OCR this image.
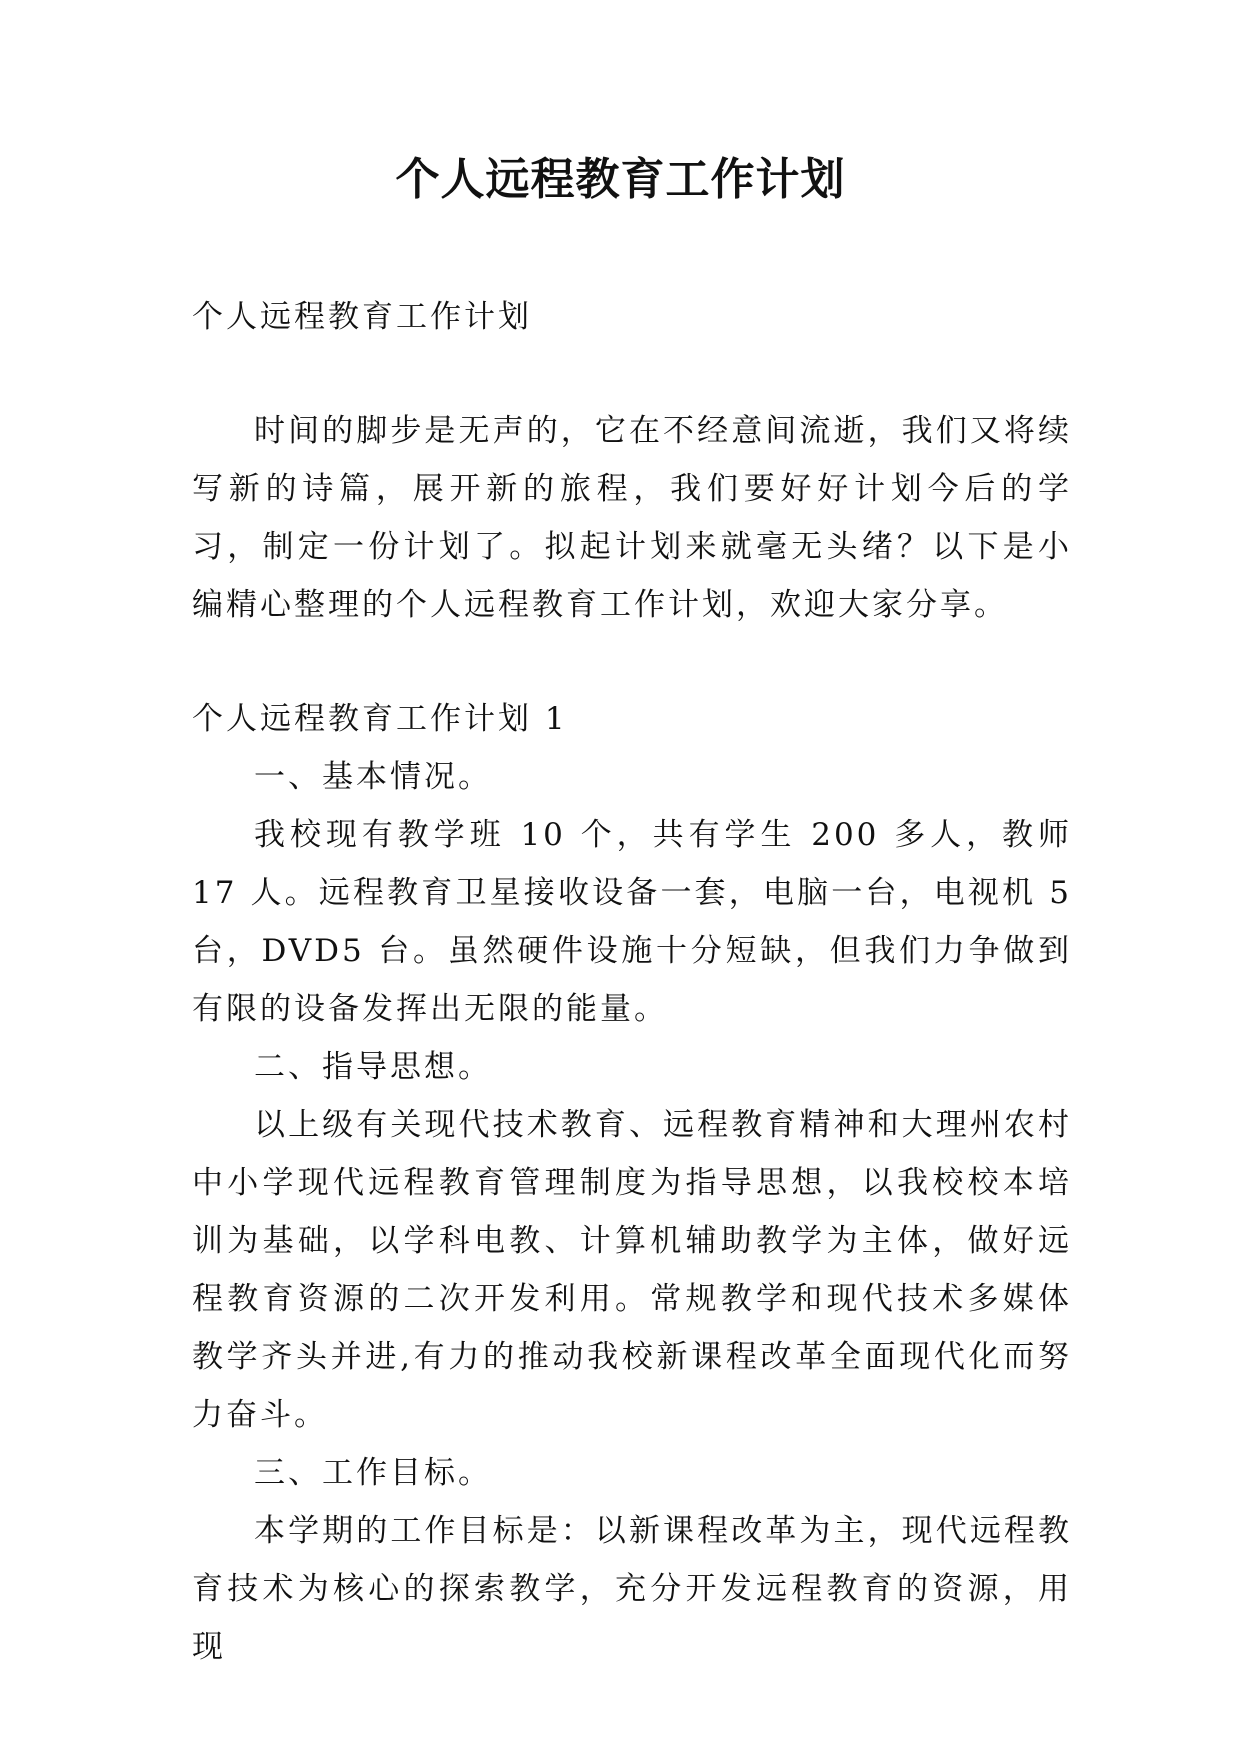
个人远程教育工作计划

个人远程教育工作计划

时间的脚步是无声的，它在不经意间流逝，我们又将续写新的诗篇，展开新的旅程，我们要好好计划今后的学习，制定一份计划了。拟起计划来就毫无头绪？以下是小编精心整理的个人远程教育工作计划，欢迎大家分享。

个人远程教育工作计划 1

一、基本情况。

我校现有教学班 10 个，共有学生 200 多人，教师 17 人。远程教育卫星接收设备一套，电脑一台，电视机 5 台，DVD5 台。虽然硬件设施十分短缺，但我们力争做到有限的设备发挥出无限的能量。

二、指导思想。

以上级有关现代技术教育、远程教育精神和大理州农村中小学现代远程教育管理制度为指导思想，以我校校本培训为基础，以学科电教、计算机辅助教学为主体，做好远程教育资源的二次开发利用。常规教学和现代技术多媒体教学齐头并进,有力的推动我校新课程改革全面现代化而努力奋斗。

三、工作目标。

本学期的工作目标是：以新课程改革为主，现代远程教育技术为核心的探索教学，充分开发远程教育的资源，用现
